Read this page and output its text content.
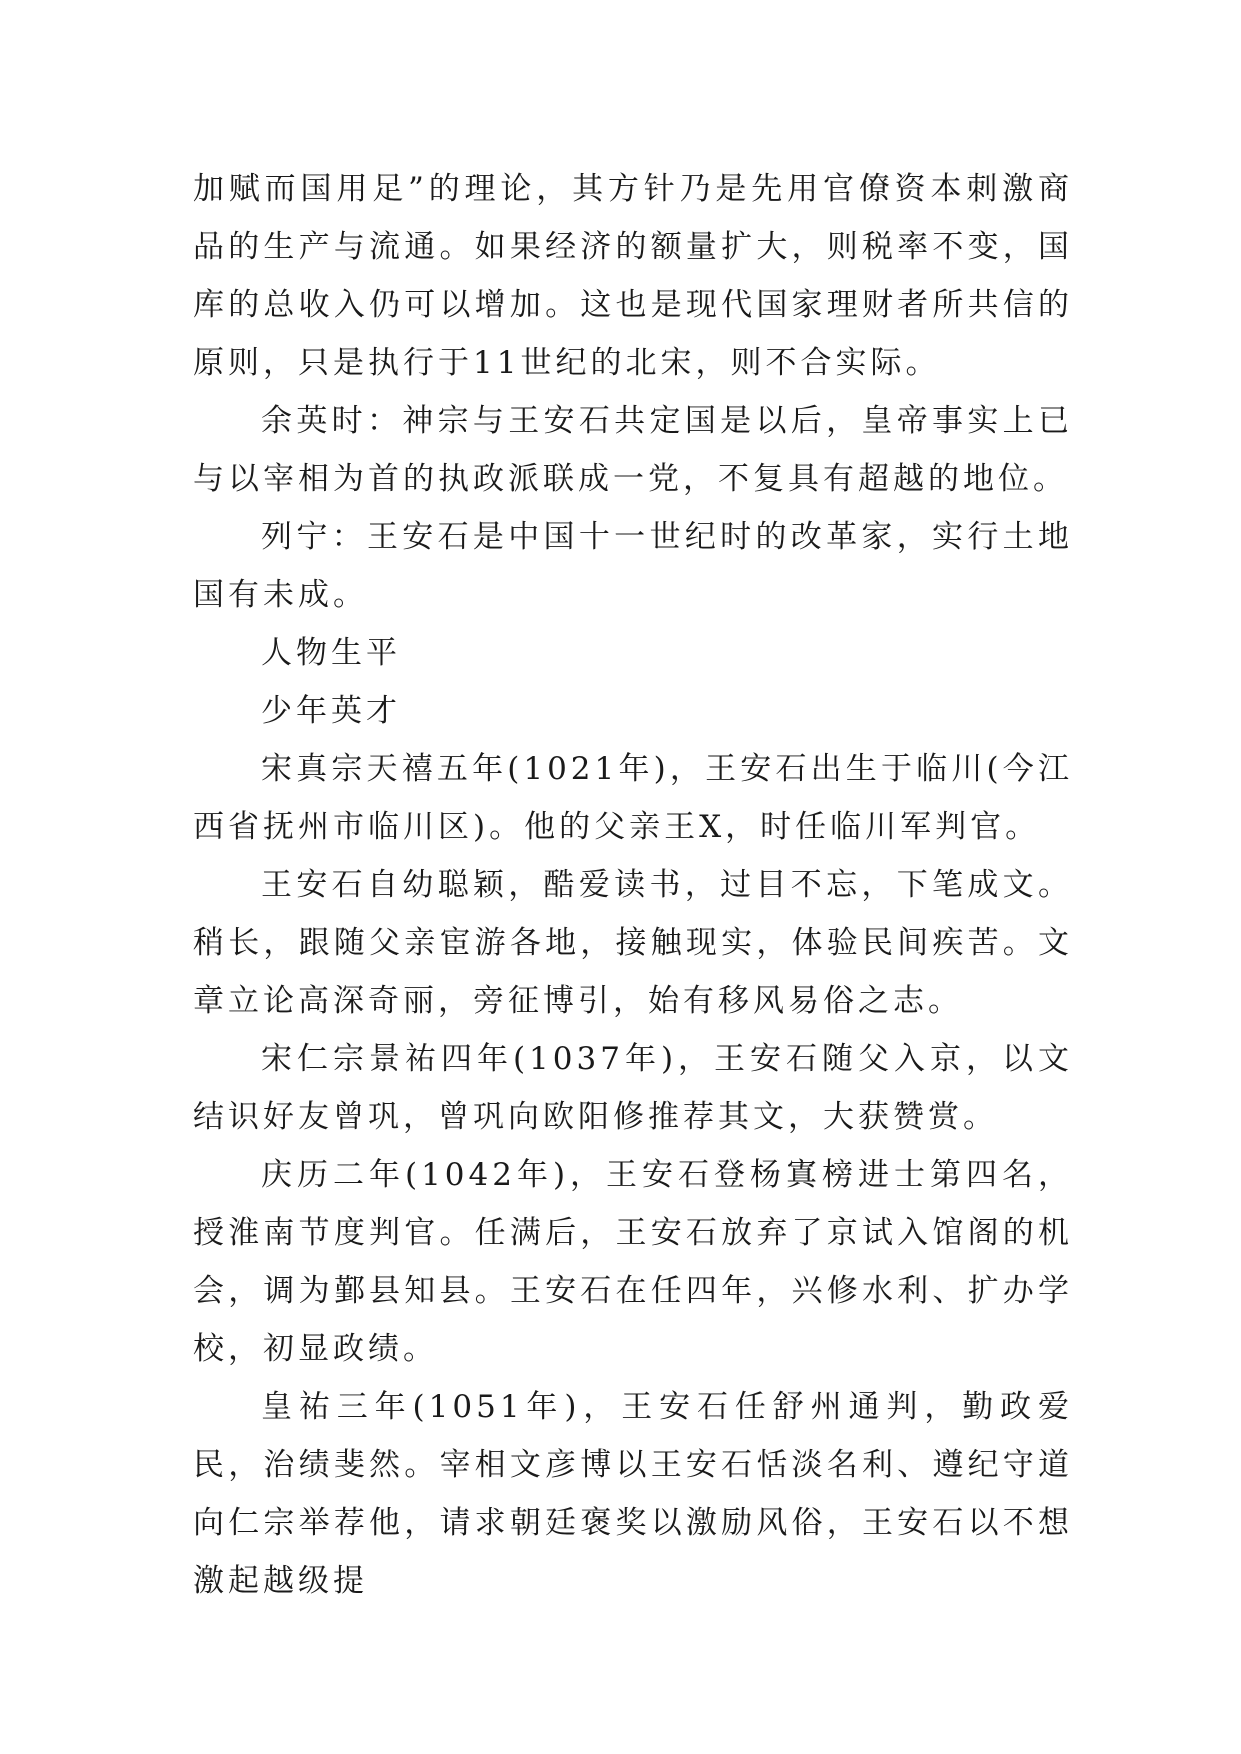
加赋而国用足”的理论，其方针乃是先用官僚资本刺激商品的生产与流通。如果经济的额量扩大，则税率不变，国库的总收入仍可以增加。这也是现代国家理财者所共信的原则，只是执行于11世纪的北宋，则不合实际。

余英时：神宗与王安石共定国是以后，皇帝事实上已与以宰相为首的执政派联成一党，不复具有超越的地位。

列宁：王安石是中国十一世纪时的改革家，实行土地国有未成。

人物生平

少年英才

宋真宗天禧五年(1021年)，王安石出生于临川(今江西省抚州市临川区)。他的父亲王X，时任临川军判官。

王安石自幼聪颖，酷爱读书，过目不忘，下笔成文。稍长，跟随父亲宦游各地，接触现实，体验民间疾苦。文章立论高深奇丽，旁征博引，始有移风易俗之志。

宋仁宗景祐四年(1037年)，王安石随父入京，以文结识好友曾巩，曾巩向欧阳修推荐其文，大获赞赏。

庆历二年(1042年)，王安石登杨寘榜进士第四名，授淮南节度判官。任满后，王安石放弃了京试入馆阁的机会，调为鄞县知县。王安石在任四年，兴修水利、扩办学校，初显政绩。

皇祐三年(1051年)，王安石任舒州通判，勤政爱民，治绩斐然。宰相文彦博以王安石恬淡名利、遵纪守道向仁宗举荐他，请求朝廷褒奖以激励风俗，王安石以不想激起越级提
